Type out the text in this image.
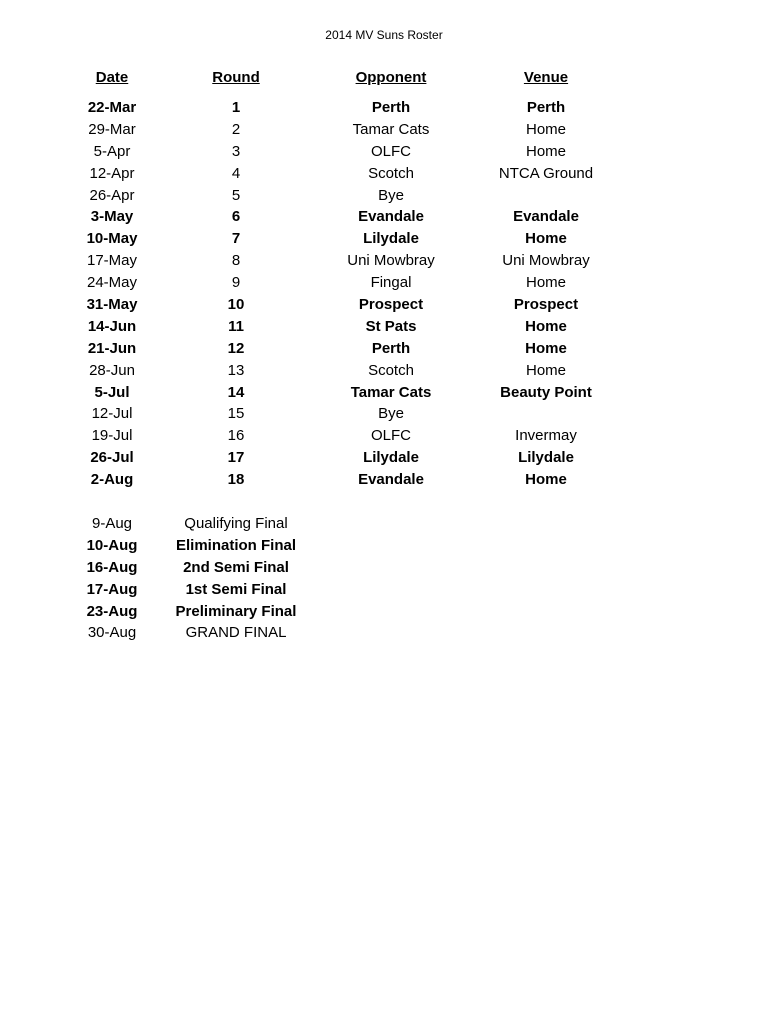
2014 MV Suns Roster
Date	Round	Opponent	Venue
22-Mar	1	Perth	Perth
29-Mar	2	Tamar Cats	Home
5-Apr	3	OLFC	Home
12-Apr	4	Scotch	NTCA Ground
26-Apr	5	Bye
3-May	6	Evandale	Evandale
10-May	7	Lilydale	Home
17-May	8	Uni Mowbray	Uni Mowbray
24-May	9	Fingal	Home
31-May	10	Prospect	Prospect
14-Jun	11	St Pats	Home
21-Jun	12	Perth	Home
28-Jun	13	Scotch	Home
5-Jul	14	Tamar Cats	Beauty Point
12-Jul	15	Bye
19-Jul	16	OLFC	Invermay
26-Jul	17	Lilydale	Lilydale
2-Aug	18	Evandale	Home
9-Aug	Qualifying Final
10-Aug	Elimination Final
16-Aug	2nd Semi Final
17-Aug	1st Semi Final
23-Aug	Preliminary Final
30-Aug	GRAND FINAL
